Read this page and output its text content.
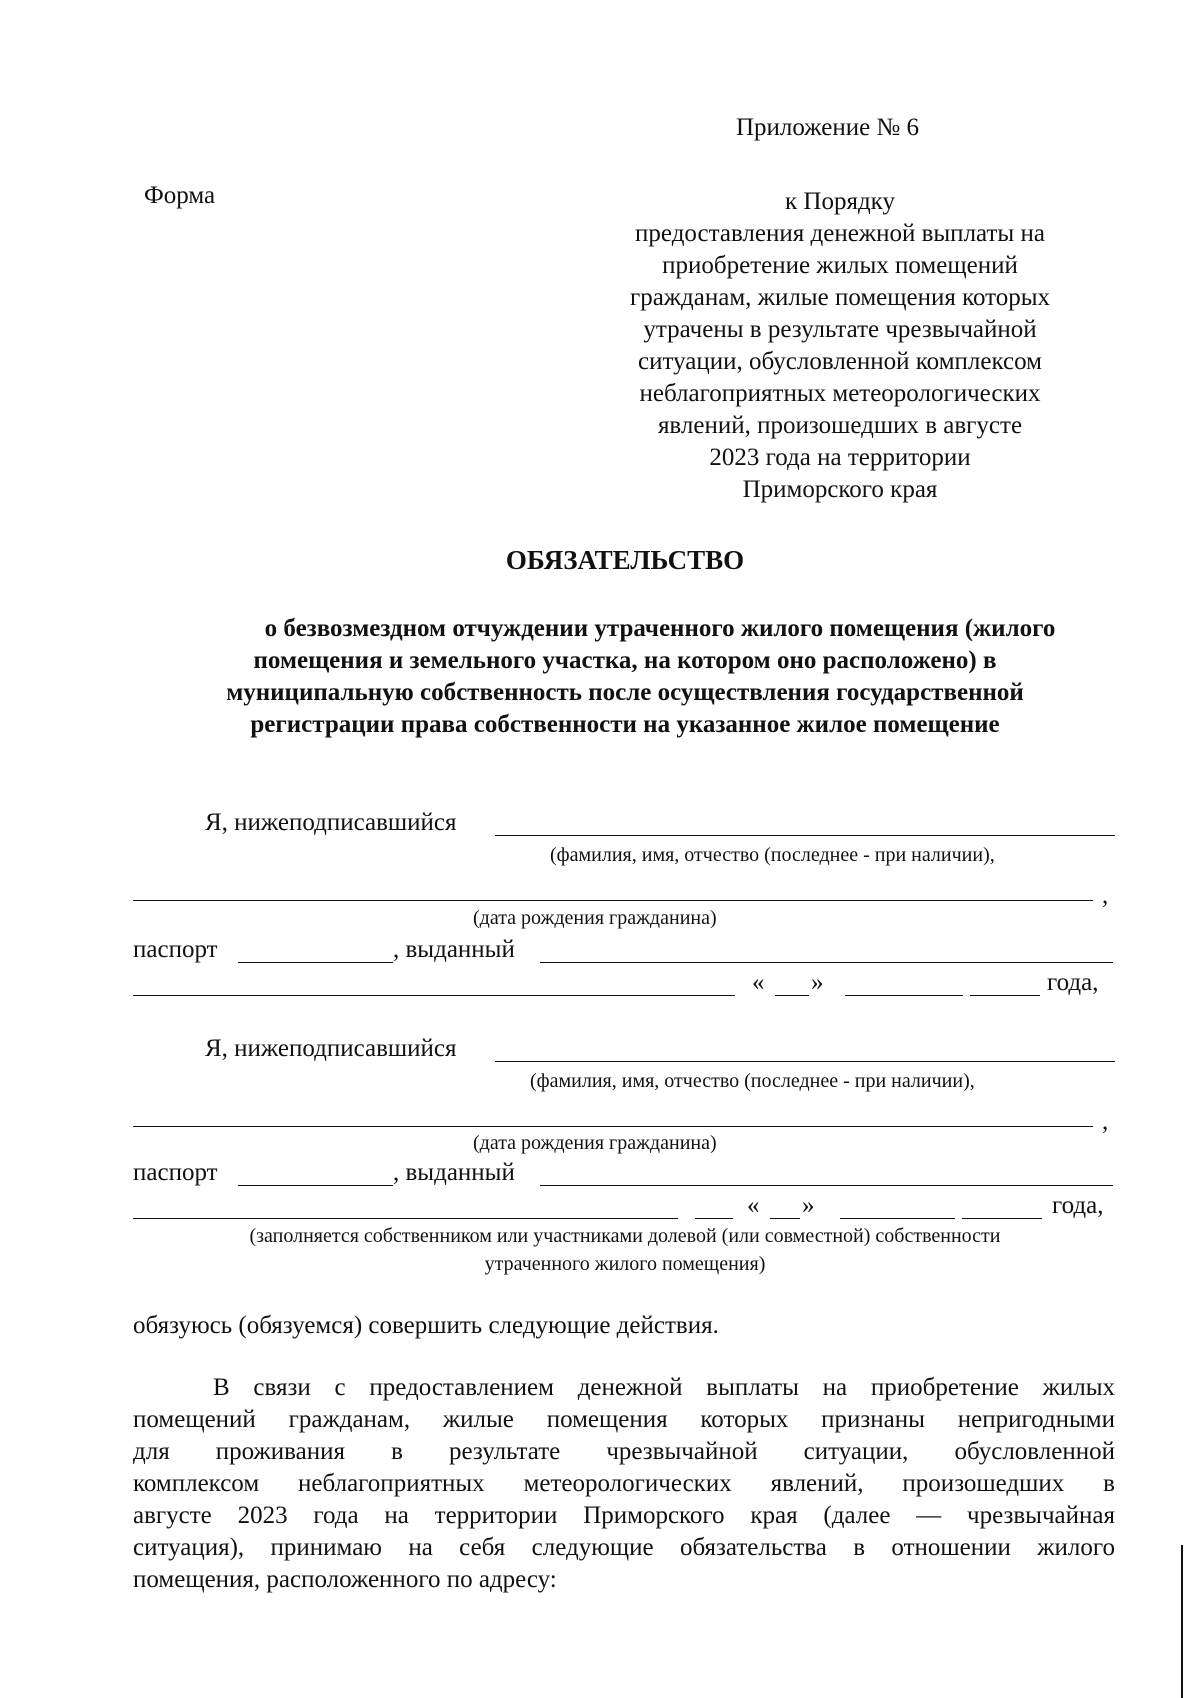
Приложение № 6
Форма	к Порядку
предоставления денежной выплаты на
приобретение жилых помещений
гражданам, жилые помещения которых
утрачены в результате чрезвычайной
ситуации, обусловленной комплексом
неблагоприятных метеорологических
явлений, произошедших в августе
2023 года на территории
Приморского края
ОБЯЗАТЕЛЬСТВО
о безвозмездном отчуждении утраченного жилого помещения (жилого
помещения и земельного участка, на котором оно расположено) в
муниципальную собственность после осуществления государственной
регистрации права собственности на указанное жилое помещение
Я, нижеподписавшийся
(фамилия, имя, отчество (последнее - при наличии),
,
(дата рождения гражданина)
паспорт	, выданный
« »	года,
Я, нижеподписавшийся
(фамилия, имя, отчество (последнее - при наличии),
,
(дата рождения гражданина)
паспорт	, выданный
« »	года,
(заполняется собственником или участниками долевой (или совместной) собственности
утраченного жилого помещения)
обязуюсь (обязуемся) совершить следующие действия.
В связи с предоставлением денежной выплаты на приобретение жилых
помещений гражданам, жилые помещения которых признаны непригодными
для проживания в результате чрезвычайной ситуации, обусловленной
комплексом неблагоприятных метеорологических явлений, произошедших в
августе 2023 года на территории Приморского края (далее — чрезвычайная
ситуация), принимаю на себя следующие обязательства в отношении жилого
помещения, расположенного по адресу:
